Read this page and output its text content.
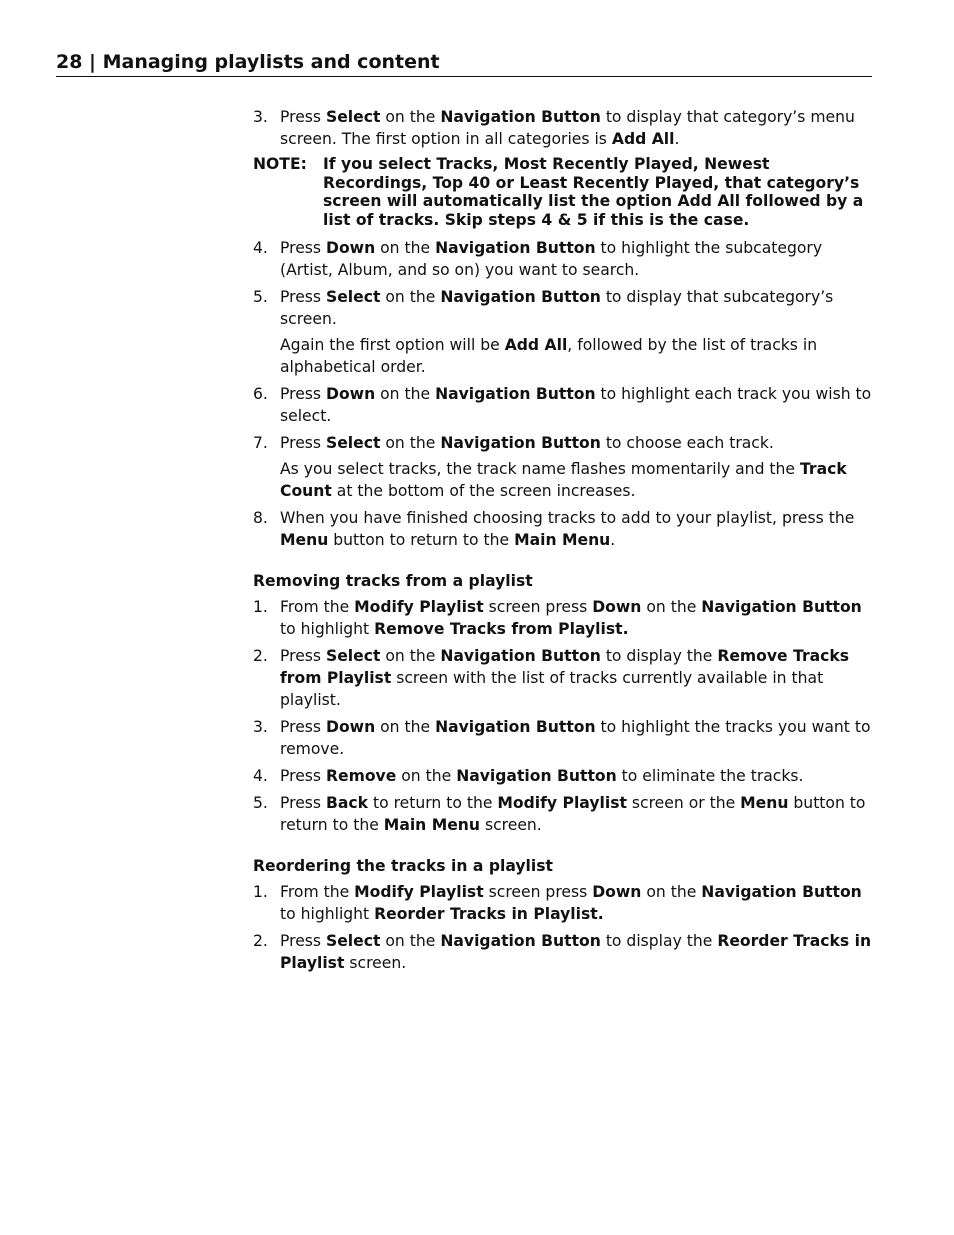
28 | Managing playlists and content
3. Press Select on the Navigation Button to display that category’s menu screen. The first option in all categories is Add All.
NOTE: If you select Tracks, Most Recently Played, Newest Recordings, Top 40 or Least Recently Played, that category’s screen will automatically list the option Add All followed by a list of tracks. Skip steps 4 & 5 if this is the case.
4. Press Down on the Navigation Button to highlight the subcategory (Artist, Album, and so on) you want to search.
5. Press Select on the Navigation Button to display that subcategory’s screen.
Again the first option will be Add All, followed by the list of tracks in alphabetical order.
6. Press Down on the Navigation Button to highlight each track you wish to select.
7. Press Select on the Navigation Button to choose each track.
As you select tracks, the track name flashes momentarily and the Track Count at the bottom of the screen increases.
8. When you have finished choosing tracks to add to your playlist, press the Menu button to return to the Main Menu.
Removing tracks from a playlist
1. From the Modify Playlist screen press Down on the Navigation Button to highlight Remove Tracks from Playlist.
2. Press Select on the Navigation Button to display the Remove Tracks from Playlist screen with the list of tracks currently available in that playlist.
3. Press Down on the Navigation Button to highlight the tracks you want to remove.
4. Press Remove on the Navigation Button to eliminate the tracks.
5. Press Back to return to the Modify Playlist screen or the Menu button to return to the Main Menu screen.
Reordering the tracks in a playlist
1. From the Modify Playlist screen press Down on the Navigation Button to highlight Reorder Tracks in Playlist.
2. Press Select on the Navigation Button to display the Reorder Tracks in Playlist screen.
